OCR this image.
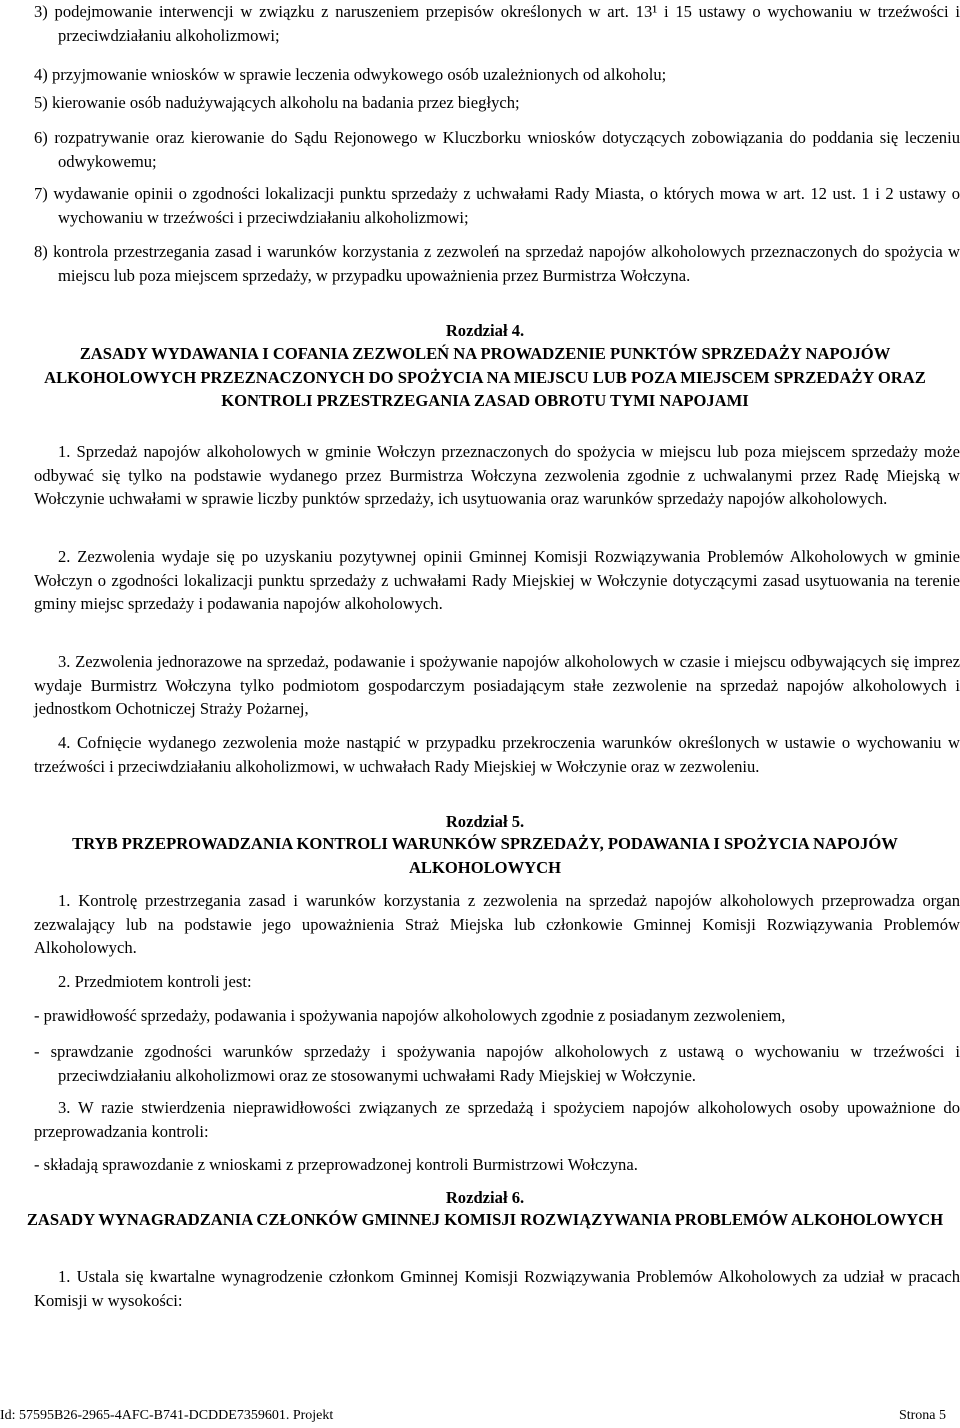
3) podejmowanie interwencji w związku z naruszeniem przepisów określonych w art. 13¹ i 15 ustawy o wychowaniu w trzeźwości i przeciwdziałaniu alkoholizmowi;

4) przyjmowanie wniosków w sprawie leczenia odwykowego osób uzależnionych od alkoholu;

5) kierowanie osób nadużywających alkoholu na badania przez biegłych;

6) rozpatrywanie oraz kierowanie do Sądu Rejonowego w Kluczborku wniosków dotyczących zobowiązania do poddania się leczeniu odwykowemu;

7) wydawanie opinii o zgodności lokalizacji punktu sprzedaży z uchwałami Rady Miasta, o których mowa w art. 12 ust. 1 i 2 ustawy o wychowaniu w trzeźwości i przeciwdziałaniu alkoholizmowi;

8) kontrola przestrzegania zasad i warunków korzystania z zezwoleń na sprzedaż napojów alkoholowych przeznaczonych do spożycia w miejscu lub poza miejscem sprzedaży, w przypadku upoważnienia przez Burmistrza Wołczyna.

Rozdział 4.

ZASADY WYDAWANIA I COFANIA ZEZWOLEŃ NA PROWADZENIE PUNKTÓW SPRZEDAŻY NAPOJÓW ALKOHOLOWYCH PRZEZNACZONYCH DO SPOŻYCIA NA MIEJSCU LUB POZA MIEJSCEM SPRZEDAŻY ORAZ KONTROLI PRZESTRZEGANIA ZASAD OBROTU TYMI NAPOJAMI

1. Sprzedaż napojów alkoholowych w gminie Wołczyn przeznaczonych do spożycia w miejscu lub poza miejscem sprzedaży może odbywać się tylko na podstawie wydanego przez Burmistrza Wołczyna zezwolenia zgodnie z uchwalanymi przez Radę Miejską w Wołczynie uchwałami w sprawie liczby punktów sprzedaży, ich usytuowania oraz warunków sprzedaży napojów alkoholowych.

2. Zezwolenia wydaje się po uzyskaniu pozytywnej opinii Gminnej Komisji Rozwiązywania Problemów Alkoholowych w gminie Wołczyn o zgodności lokalizacji punktu sprzedaży z uchwałami Rady Miejskiej w Wołczynie dotyczącymi zasad usytuowania na terenie gminy miejsc sprzedaży i podawania napojów alkoholowych.

3. Zezwolenia jednorazowe na sprzedaż, podawanie i spożywanie napojów alkoholowych w czasie i miejscu odbywających się imprez wydaje Burmistrz Wołczyna tylko podmiotom gospodarczym posiadającym stałe zezwolenie na sprzedaż napojów alkoholowych i jednostkom Ochotniczej Straży Pożarnej,

4. Cofnięcie wydanego zezwolenia może nastąpić w przypadku przekroczenia warunków określonych w ustawie o wychowaniu w trzeźwości i przeciwdziałaniu alkoholizmowi, w uchwałach Rady Miejskiej w Wołczynie oraz w zezwoleniu.

Rozdział 5.

TRYB PRZEPROWADZANIA KONTROLI WARUNKÓW SPRZEDAŻY, PODAWANIA I SPOŻYCIA NAPOJÓW ALKOHOLOWYCH

1. Kontrolę przestrzegania zasad i warunków korzystania z zezwolenia na sprzedaż napojów alkoholowych przeprowadza organ zezwalający lub na podstawie jego upoważnienia Straż Miejska lub członkowie Gminnej Komisji Rozwiązywania Problemów Alkoholowych.

2. Przedmiotem kontroli jest:

- prawidłowość sprzedaży, podawania i spożywania napojów alkoholowych zgodnie z posiadanym zezwoleniem,

- sprawdzanie zgodności warunków sprzedaży i spożywania napojów alkoholowych z ustawą o wychowaniu w trzeźwości i przeciwdziałaniu alkoholizmowi oraz ze stosowanymi uchwałami Rady Miejskiej w Wołczynie.

3. W razie stwierdzenia nieprawidłowości związanych ze sprzedażą i spożyciem napojów alkoholowych osoby upoważnione do przeprowadzania kontroli:

- składają sprawozdanie z wnioskami z przeprowadzonej kontroli Burmistrzowi Wołczyna.

Rozdział 6.

ZASADY WYNAGRADZANIA CZŁONKÓW GMINNEJ KOMISJI ROZWIĄZYWANIA PROBLEMÓW ALKOHOLOWYCH

1. Ustala się kwartalne wynagrodzenie członkom Gminnej Komisji Rozwiązywania Problemów Alkoholowych za udział w pracach Komisji w wysokości:

Id: 57595B26-2965-4AFC-B741-DCDDE7359601. Projekt	Strona 5
